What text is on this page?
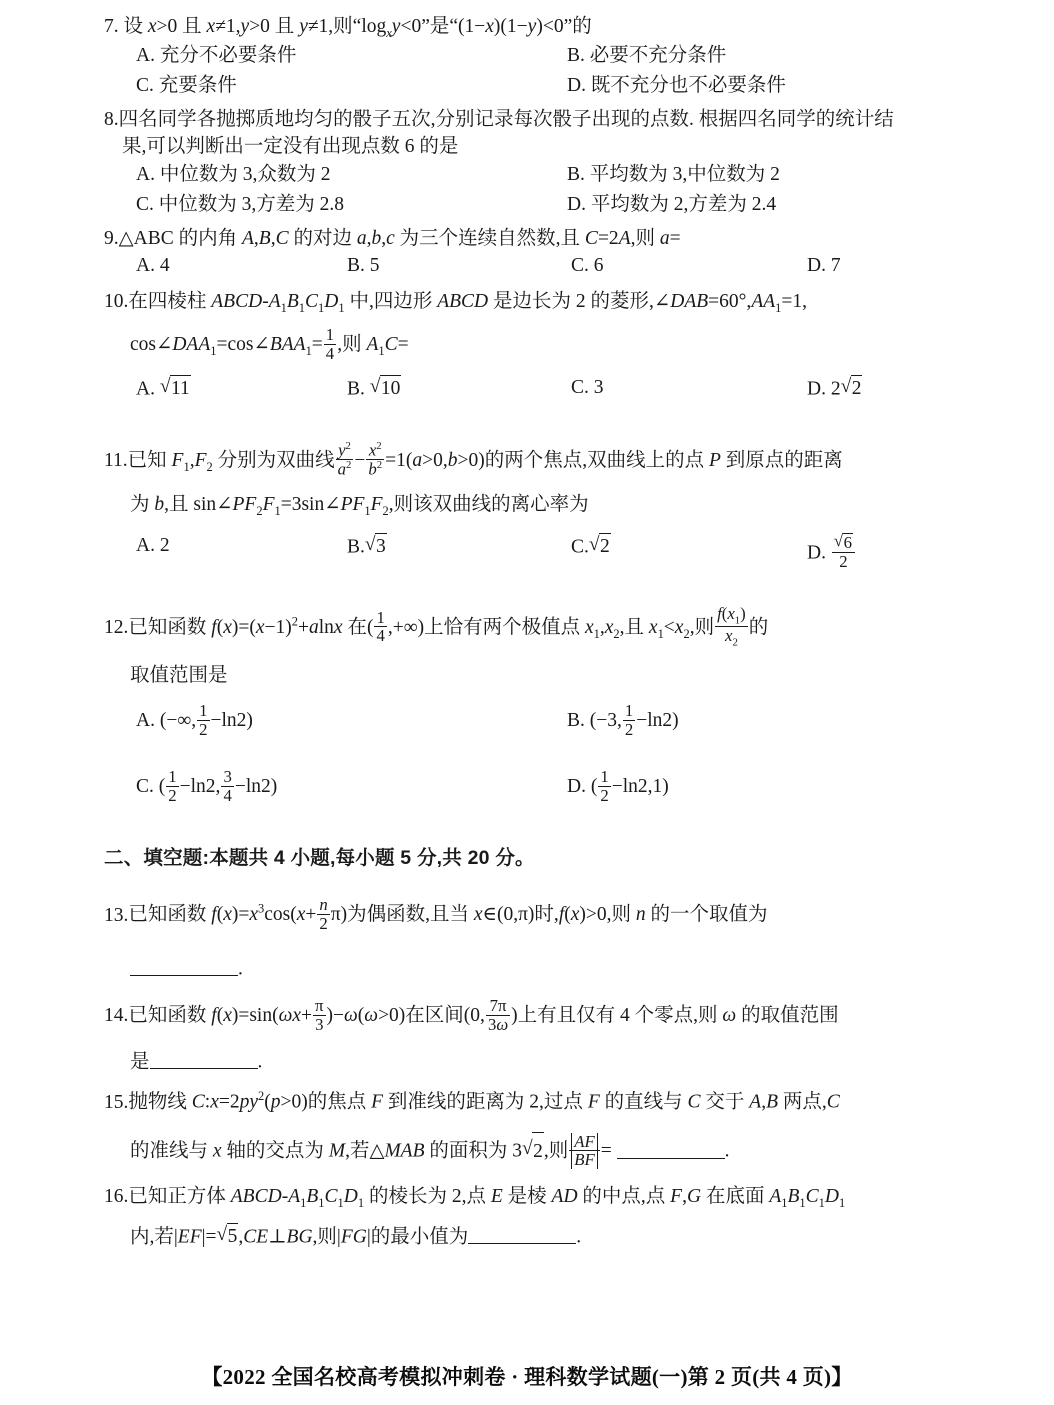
7. 设 x>0 且 x≠1,y>0 且 y≠1,则“$\log_xy<0$”是“(1−x)(1−y)<0”的
A. 充分不必要条件	B. 必要不充分条件
C. 充要条件	D. 既不充分也不必要条件
8.四名同学各抛掷质地均匀的骰子五次,分别记录每次骰子出现的点数. 根据四名同学的统计结
果,可以判断出一定没有出现点数 6 的是
A. 中位数为 3,众数为 2	B. 平均数为 3,中位数为 2
C. 中位数为 3,方差为 2.8	D. 平均数为 2,方差为 2.4
9.△ABC 的内角 A,B,C 的对边 a,b,c 为三个连续自然数,且 C=2A,则 a=
A. 4	B. 5	C. 6	D. 7
10.在四棱柱 ABCD-$A_1B_1C_1D_1$ 中,四边形 ABCD 是边长为 2 的菱形$,\angle DAB=60^\circ,AA_1=1$,
$\cos\angle DAA_1=\cos\angle BAA_1= \frac{1}{4}$ ,则 $A_1C=$
A. √ 11	B. √ 10	C. 3	D. 2 √ 2
11.已知 $F_1,F_2$ 分别为双曲线 $\frac{y^2}{a^2} - \frac{x^2}{b^2} =1(a>0,b>0)$的两个焦点,双曲线上的点 P 到原点的距离
为 b,且 $\sin\angle PF_2F_1=3\sin\angle PF_1F_2$,则该双曲线的离心率为
A. 2	B. √ 3	C. √ 2	D. √ $\frac{6}{2}$
12.已知函数 $f(x)=(x-1)^2+alnx$ 在( $\frac{1}{4}$ ,+∞)上恰有两个极值点 $x_1,x_2$,且 $x_1<x_2$,则 $\frac{f(x_1)}{x_2}$ 的
取值范围是
A. (−∞, $\frac{1}{2} -\ln 2$)	B. (−3, $\frac{1}{2} -\ln 2$)
C. ( $\frac{1}{2} -\ln 2$, $\frac{3}{4} -\ln 2$)	D. ( $\frac{1}{2} -\ln 2,1$)
二、填空题:本题共 4 小题,每小题 5 分,共 20 分。
13.已知函数 $f(x)=x^3\cos(x+ \frac{n}{2} \pi)$为偶函数,且当 x∈(0,π)时,f(x)>0,则 n 的一个取值为
.
14.已知函数 $f(x)=\sin(\omega x+ \frac{\pi}{3} )-\omega(\omega>0)$在区间(0, $\frac{7\pi}{3\omega}$ )上有且仅有 4 个零点,则 ω 的取值范围
是	.
15.抛物线 $C:x=2py^2(p>0)$的焦点 F 到准线的距离为 2,过点 F 的直线与 C 交于 A,B 两点,C
的准线与 x 轴的交点为 M,若△MAB 的面积为 3 √ 2,则 $\frac{AF}{BF}$ =	.
16.已知正方体 ABCD-$A_1B_1C_1D_1$ 的棱长为 2,点 E 是棱 AD 的中点,点 F,G 在底面 $A_1B_1C_1D_1$
内,若|EF|= √ 5,CE⊥BG,则|FG|的最小值为	.
【2022 全国名校高考模拟冲刺卷 · 理科数学试题(一)第 2 页(共 4 页)】
